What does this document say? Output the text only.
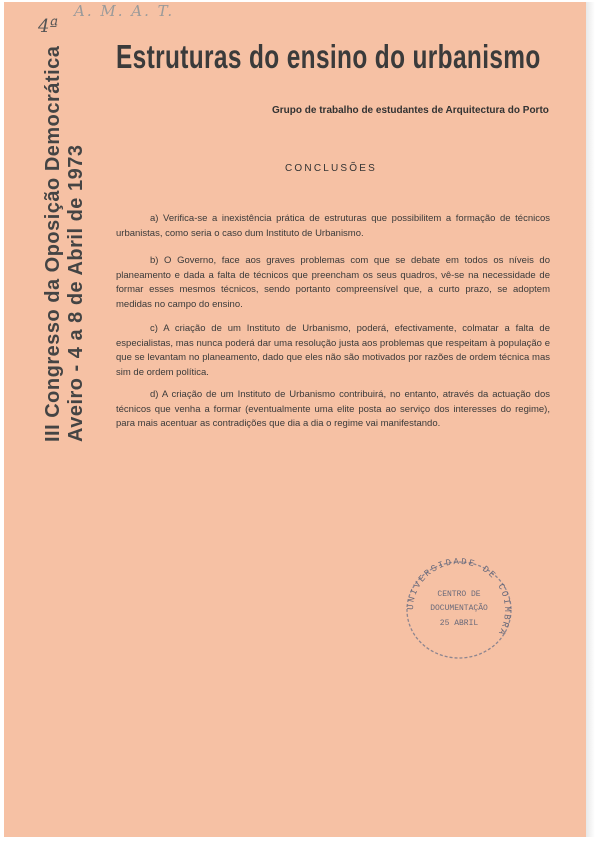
4ª
A. M. A. T.
Estruturas do ensino do urbanismo
Grupo de trabalho de estudantes de Arquitectura do Porto
III Congresso da Oposição Democrática Aveiro - 4 a 8 de Abril de 1973	CONCLUSÕES

a) Verifica-se a inexistência prática de estruturas que possibilitem a formação de técnicos urbanistas, como seria o caso dum Instituto de Urbanismo.

b) O Governo, face aos graves problemas com que se debate em todos os níveis do planeamento e dada a falta de técnicos que preencham os seus quadros, vê-se na necessidade de formar esses mesmos técnicos, sendo portanto compreensível que, a curto prazo, se adoptem medidas no campo do ensino.

c) A criação de um Instituto de Urbanismo, poderá, efectivamente, colmatar a falta de especialistas, mas nunca poderá dar uma resolução justa aos problemas que respeitam à população e que se levantam no planeamento, dado que eles não são motivados por razões de ordem técnica mas sim de ordem política.

d) A criação de um Instituto de Urbanismo contribuirá, no entanto, através da actuação dos técnicos que venha a formar (eventualmente uma elite posta ao serviço dos interesses do regime), para mais acentuar as contradições que dia a dia o regime vai manifestando.

UNIVERSIDADE DE COIMBRA
CENTRO DE
DOCUMENTAÇÃO
25 ABRIL
